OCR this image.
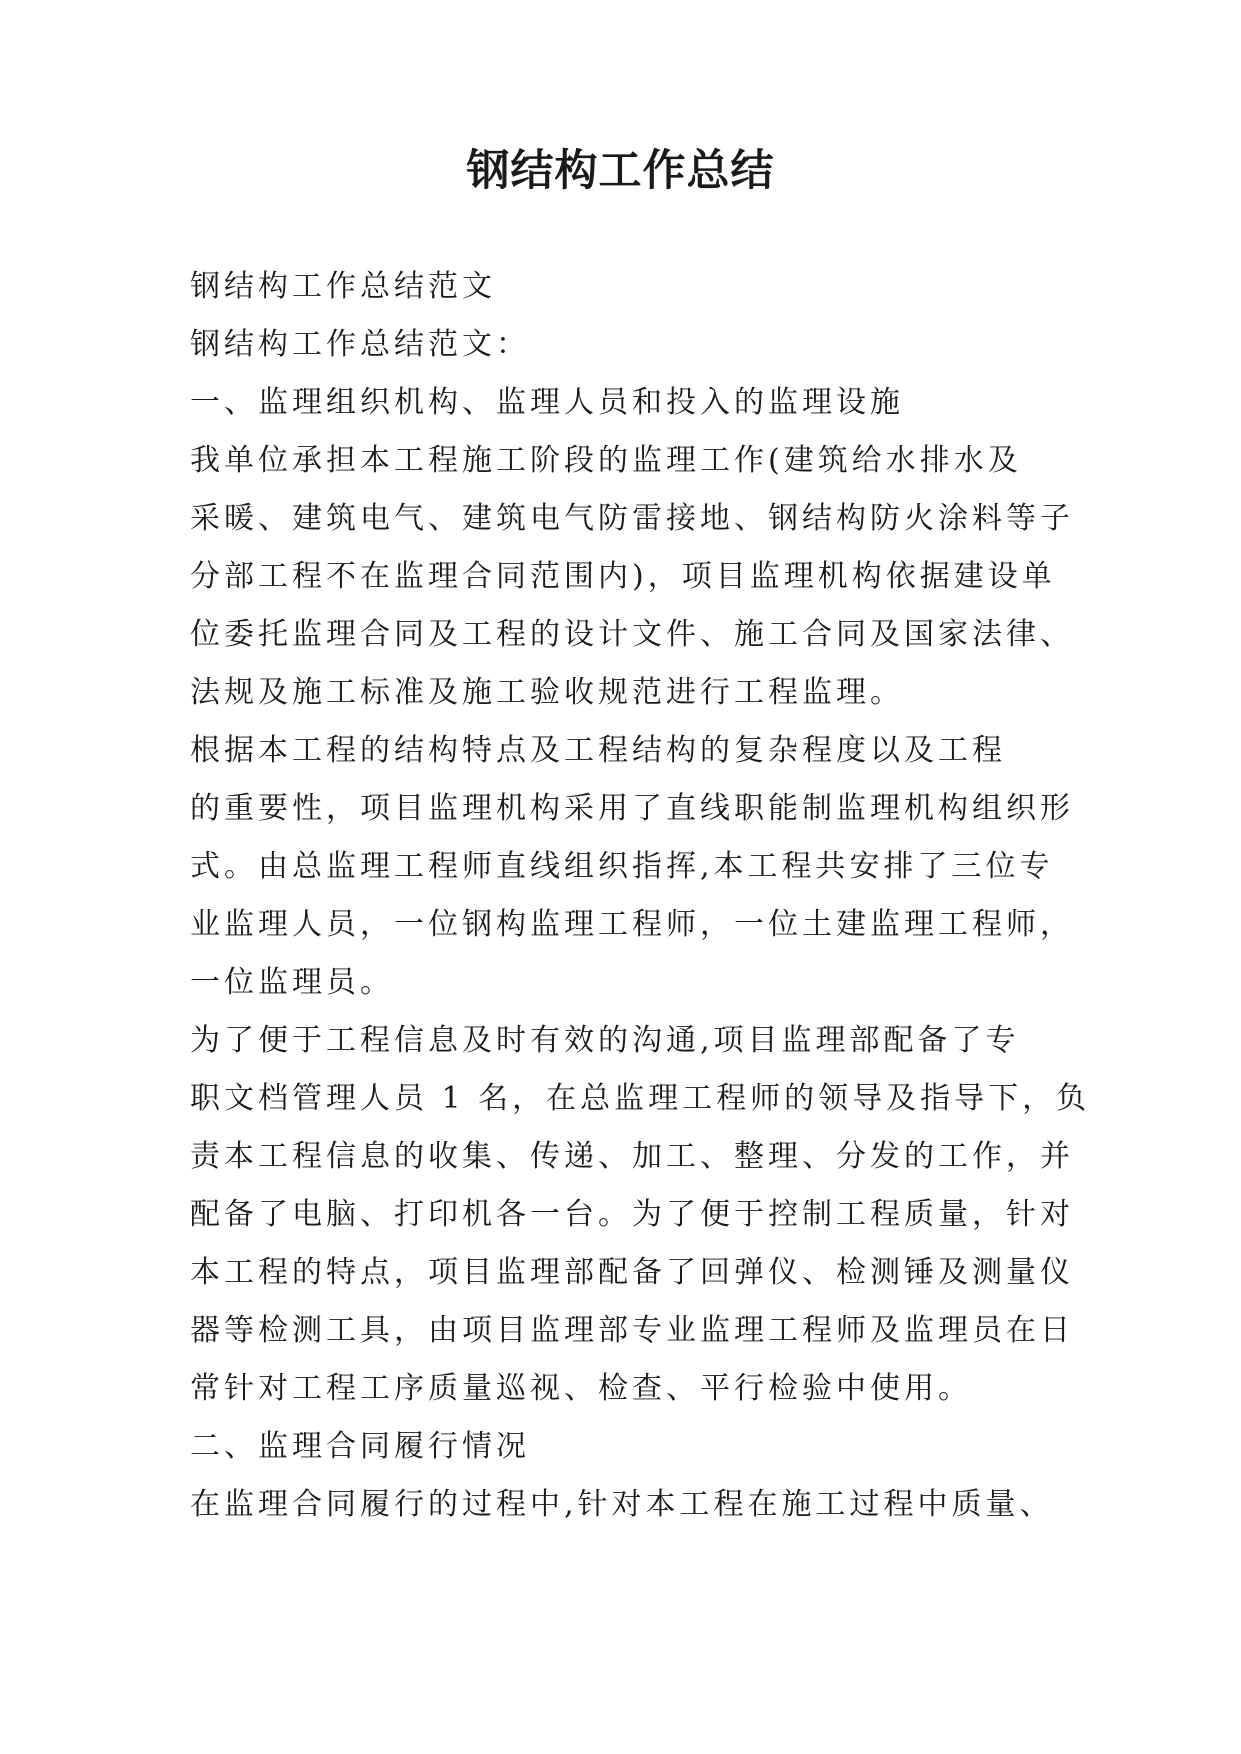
钢结构工作总结
钢结构工作总结范文
钢结构工作总结范文：
一、监理组织机构、监理人员和投入的监理设施
我单位承担本工程施工阶段的监理工作(建筑给水排水及
采暖、建筑电气、建筑电气防雷接地、钢结构防火涂料等子
分部工程不在监理合同范围内)，项目监理机构依据建设单
位委托监理合同及工程的设计文件、施工合同及国家法律、
法规及施工标准及施工验收规范进行工程监理。
根据本工程的结构特点及工程结构的复杂程度以及工程
的重要性，项目监理机构采用了直线职能制监理机构组织形
式。由总监理工程师直线组织指挥,本工程共安排了三位专
业监理人员，一位钢构监理工程师，一位土建监理工程师，
一位监理员。
为了便于工程信息及时有效的沟通,项目监理部配备了专
职文档管理人员 1 名，在总监理工程师的领导及指导下，负
责本工程信息的收集、传递、加工、整理、分发的工作，并
配备了电脑、打印机各一台。为了便于控制工程质量，针对
本工程的特点，项目监理部配备了回弹仪、检测锤及测量仪
器等检测工具，由项目监理部专业监理工程师及监理员在日
常针对工程工序质量巡视、检查、平行检验中使用。
二、监理合同履行情况
在监理合同履行的过程中,针对本工程在施工过程中质量、
